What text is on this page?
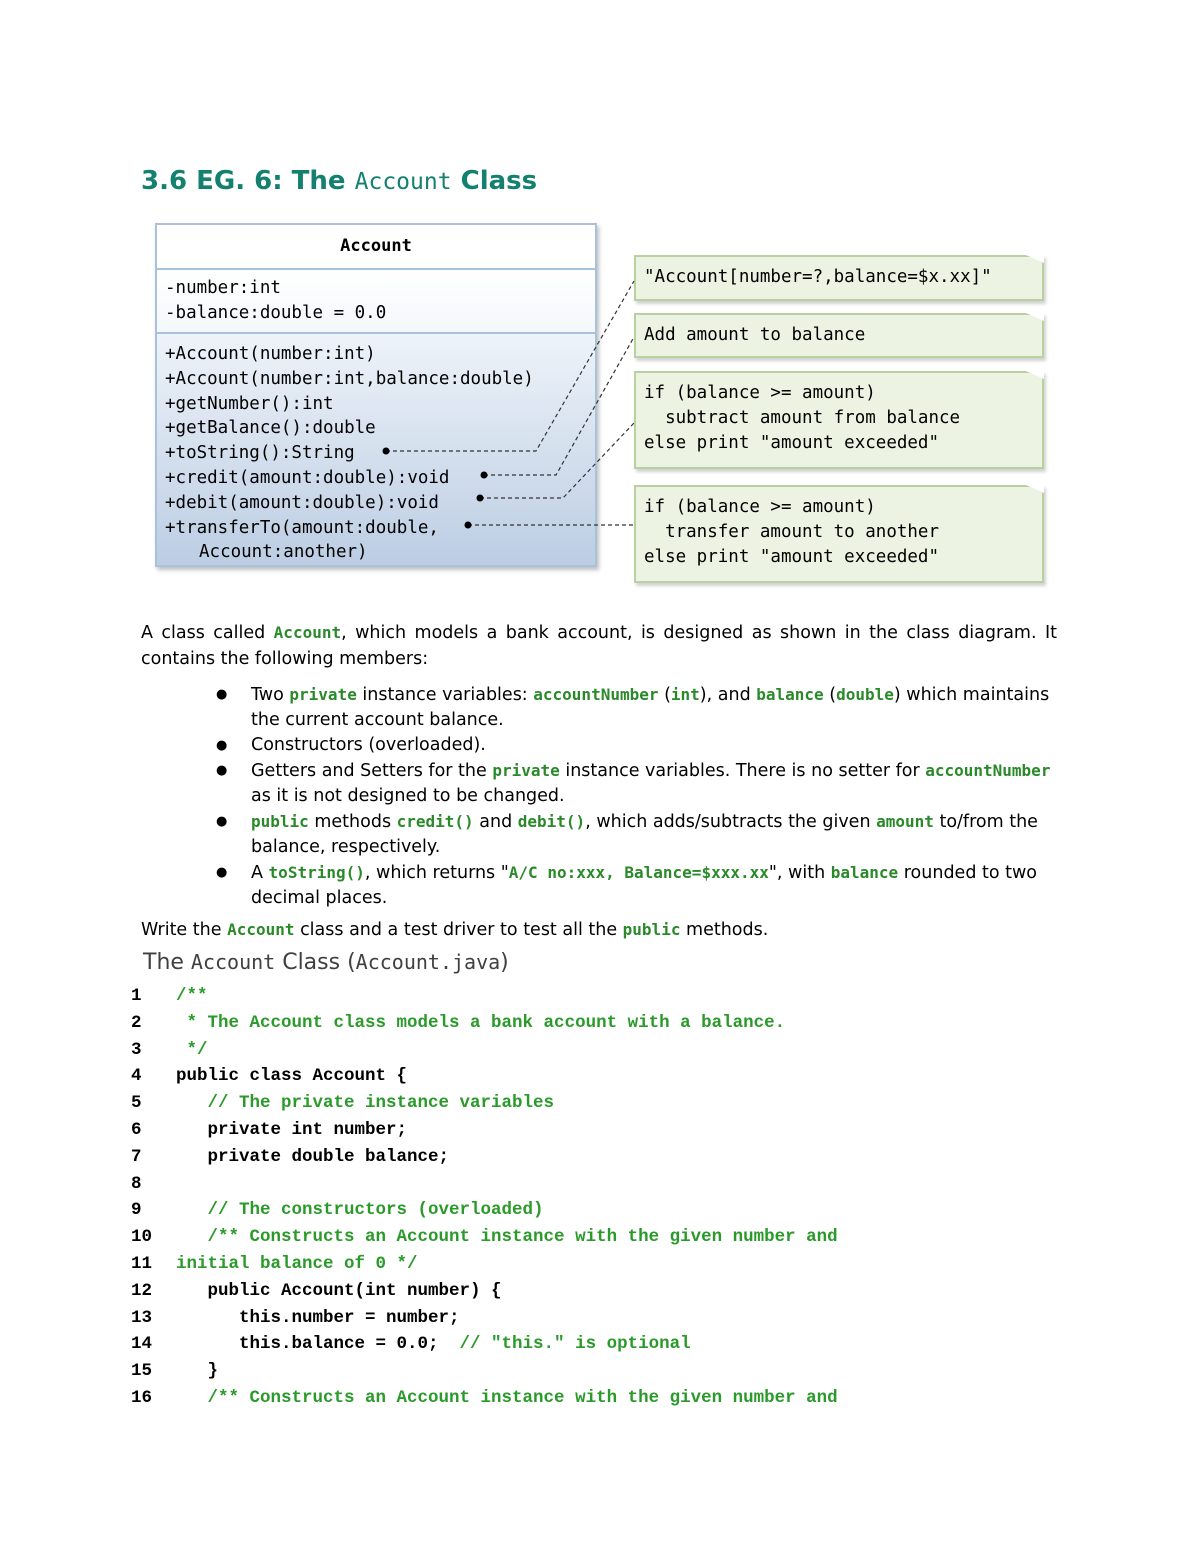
3.6 EG. 6: The Account Class
Account
-number:int
-balance:double = 0.0
+Account(number:int)
+Account(number:int,balance:double)
+getNumber():int
+getBalance():double
+toString():String
+credit(amount:double):void
+debit(amount:double):void
+transferTo(amount:double,
Account:another)
"Account[number=?,balance=$x.xx]"
Add amount to balance
if (balance >= amount)
subtract amount from balance
else print "amount exceeded"
if (balance >= amount)
transfer amount to another
else print "amount exceeded"

A class called Account, which models a bank account, is designed as shown in the class diagram. It contains the following members:

● Two private instance variables: accountNumber (int), and balance (double) which maintains the current account balance.
● Constructors (overloaded).
● Getters and Setters for the private instance variables. There is no setter for accountNumber as it is not designed to be changed.
● public methods credit() and debit(), which adds/subtracts the given amount to/from the balance, respectively.
● A toString(), which returns "A/C no:xxx, Balance=$xxx.xx", with balance rounded to two decimal places.

Write the Account class and a test driver to test all the public methods.

The Account Class (Account.java)
1	/**
2	* The Account class models a bank account with a balance.
3	*/
4	public class Account {
5	// The private instance variables
6	private int number;
7	private double balance;
8
9	// The constructors (overloaded)
10	/** Constructs an Account instance with the given number and
11	initial balance of 0 */
12	public Account(int number) {
13	this.number = number;
14	this.balance = 0.0;  // "this." is optional
15	}
16	/** Constructs an Account instance with the given number and
